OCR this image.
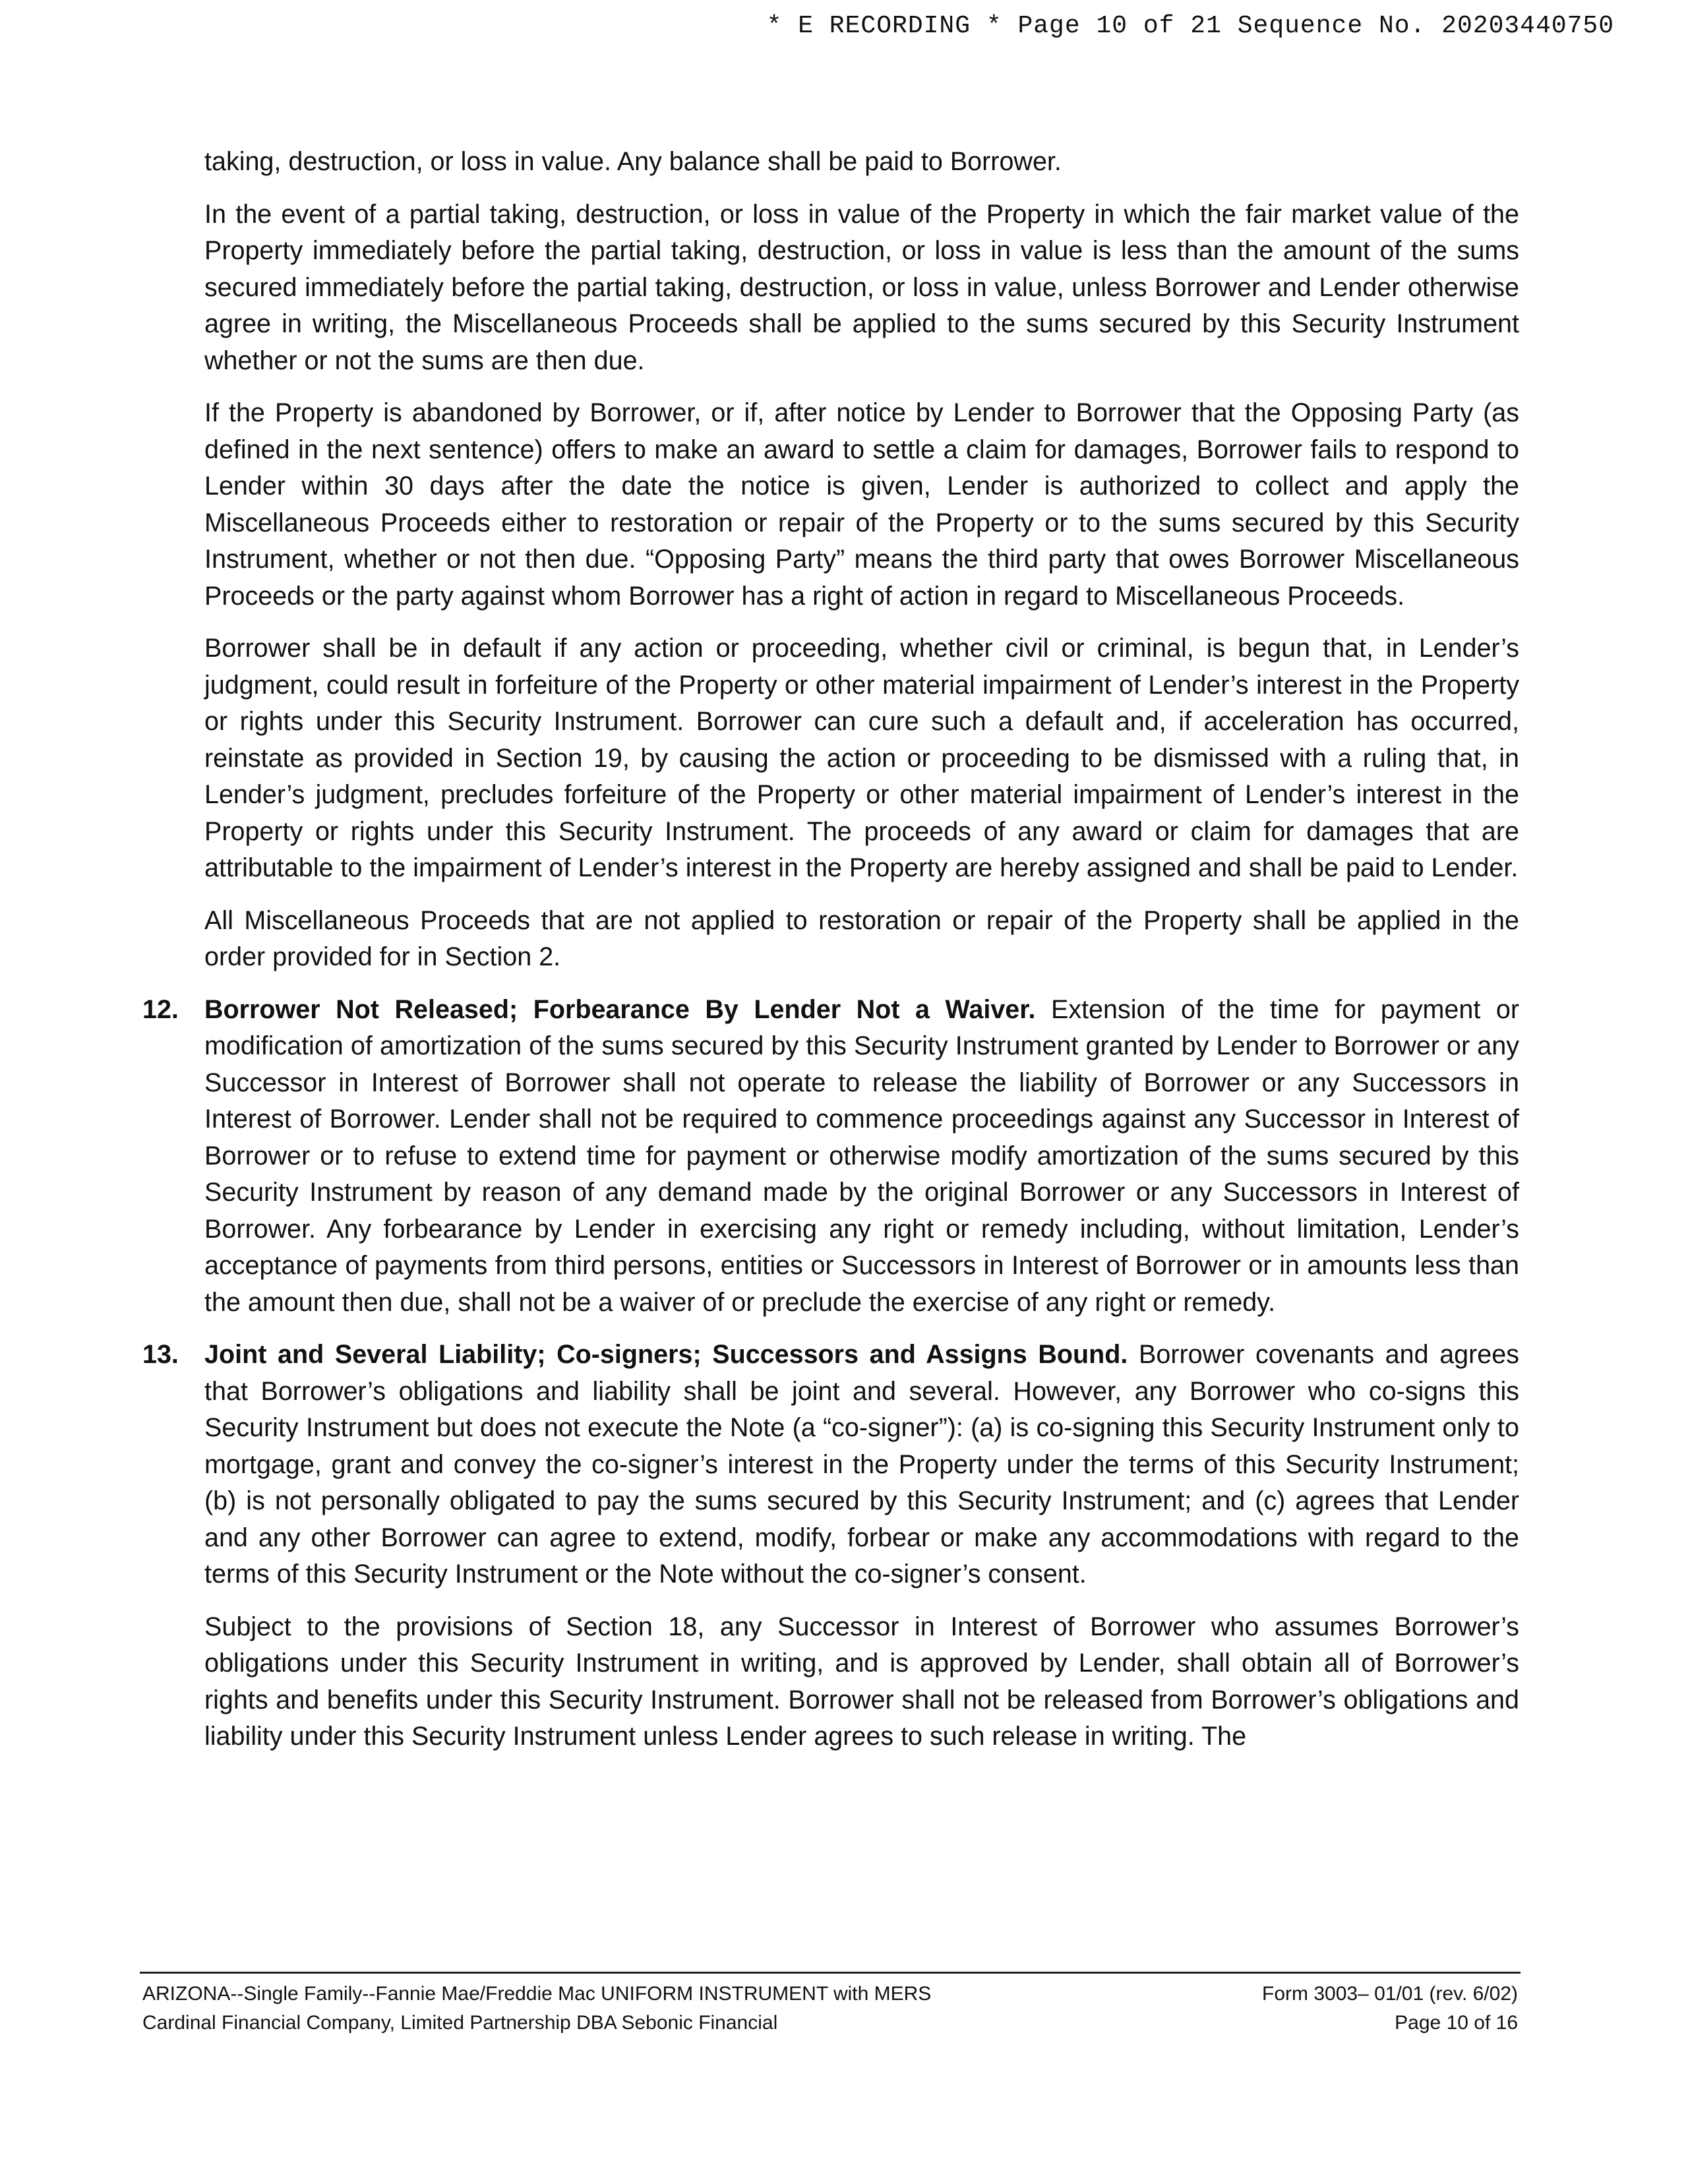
* E RECORDING * Page 10 of 21 Sequence No. 20203440750

taking, destruction, or loss in value. Any balance shall be paid to Borrower.

In the event of a partial taking, destruction, or loss in value of the Property in which the fair market value of the Property immediately before the partial taking, destruction, or loss in value is less than the amount of the sums secured immediately before the partial taking, destruction, or loss in value, unless Borrower and Lender otherwise agree in writing, the Miscellaneous Proceeds shall be applied to the sums secured by this Security Instrument whether or not the sums are then due.

If the Property is abandoned by Borrower, or if, after notice by Lender to Borrower that the Opposing Party (as defined in the next sentence) offers to make an award to settle a claim for damages, Borrower fails to respond to Lender within 30 days after the date the notice is given, Lender is authorized to collect and apply the Miscellaneous Proceeds either to restoration or repair of the Property or to the sums secured by this Security Instrument, whether or not then due. “Opposing Party” means the third party that owes Borrower Miscellaneous Proceeds or the party against whom Borrower has a right of action in regard to Miscellaneous Proceeds.

Borrower shall be in default if any action or proceeding, whether civil or criminal, is begun that, in Lender’s judgment, could result in forfeiture of the Property or other material impairment of Lender’s interest in the Property or rights under this Security Instrument. Borrower can cure such a default and, if acceleration has occurred, reinstate as provided in Section 19, by causing the action or proceeding to be dismissed with a ruling that, in Lender’s judgment, precludes forfeiture of the Property or other material impairment of Lender’s interest in the Property or rights under this Security Instrument. The proceeds of any award or claim for damages that are attributable to the impairment of Lender’s interest in the Property are hereby assigned and shall be paid to Lender.

All Miscellaneous Proceeds that are not applied to restoration or repair of the Property shall be applied in the order provided for in Section 2.

12. Borrower Not Released; Forbearance By Lender Not a Waiver. Extension of the time for payment or modification of amortization of the sums secured by this Security Instrument granted by Lender to Borrower or any Successor in Interest of Borrower shall not operate to release the liability of Borrower or any Successors in Interest of Borrower. Lender shall not be required to commence proceedings against any Successor in Interest of Borrower or to refuse to extend time for payment or otherwise modify amortization of the sums secured by this Security Instrument by reason of any demand made by the original Borrower or any Successors in Interest of Borrower. Any forbearance by Lender in exercising any right or remedy including, without limitation, Lender’s acceptance of payments from third persons, entities or Successors in Interest of Borrower or in amounts less than the amount then due, shall not be a waiver of or preclude the exercise of any right or remedy.
13. Joint and Several Liability; Co-signers; Successors and Assigns Bound. Borrower covenants and agrees that Borrower’s obligations and liability shall be joint and several. However, any Borrower who co-signs this Security Instrument but does not execute the Note (a “co-signer”): (a) is co-signing this Security Instrument only to mortgage, grant and convey the co-signer’s interest in the Property under the terms of this Security Instrument; (b) is not personally obligated to pay the sums secured by this Security Instrument; and (c) agrees that Lender and any other Borrower can agree to extend, modify, forbear or make any accommodations with regard to the terms of this Security Instrument or the Note without the co-signer’s consent.

Subject to the provisions of Section 18, any Successor in Interest of Borrower who assumes Borrower’s obligations under this Security Instrument in writing, and is approved by Lender, shall obtain all of Borrower’s rights and benefits under this Security Instrument. Borrower shall not be released from Borrower’s obligations and liability under this Security Instrument unless Lender agrees to such release in writing. The

ARIZONA--Single Family--Fannie Mae/Freddie Mac UNIFORM INSTRUMENT with MERS
Cardinal Financial Company, Limited Partnership DBA Sebonic Financial
Form 3003– 01/01 (rev. 6/02)
Page 10 of 16
